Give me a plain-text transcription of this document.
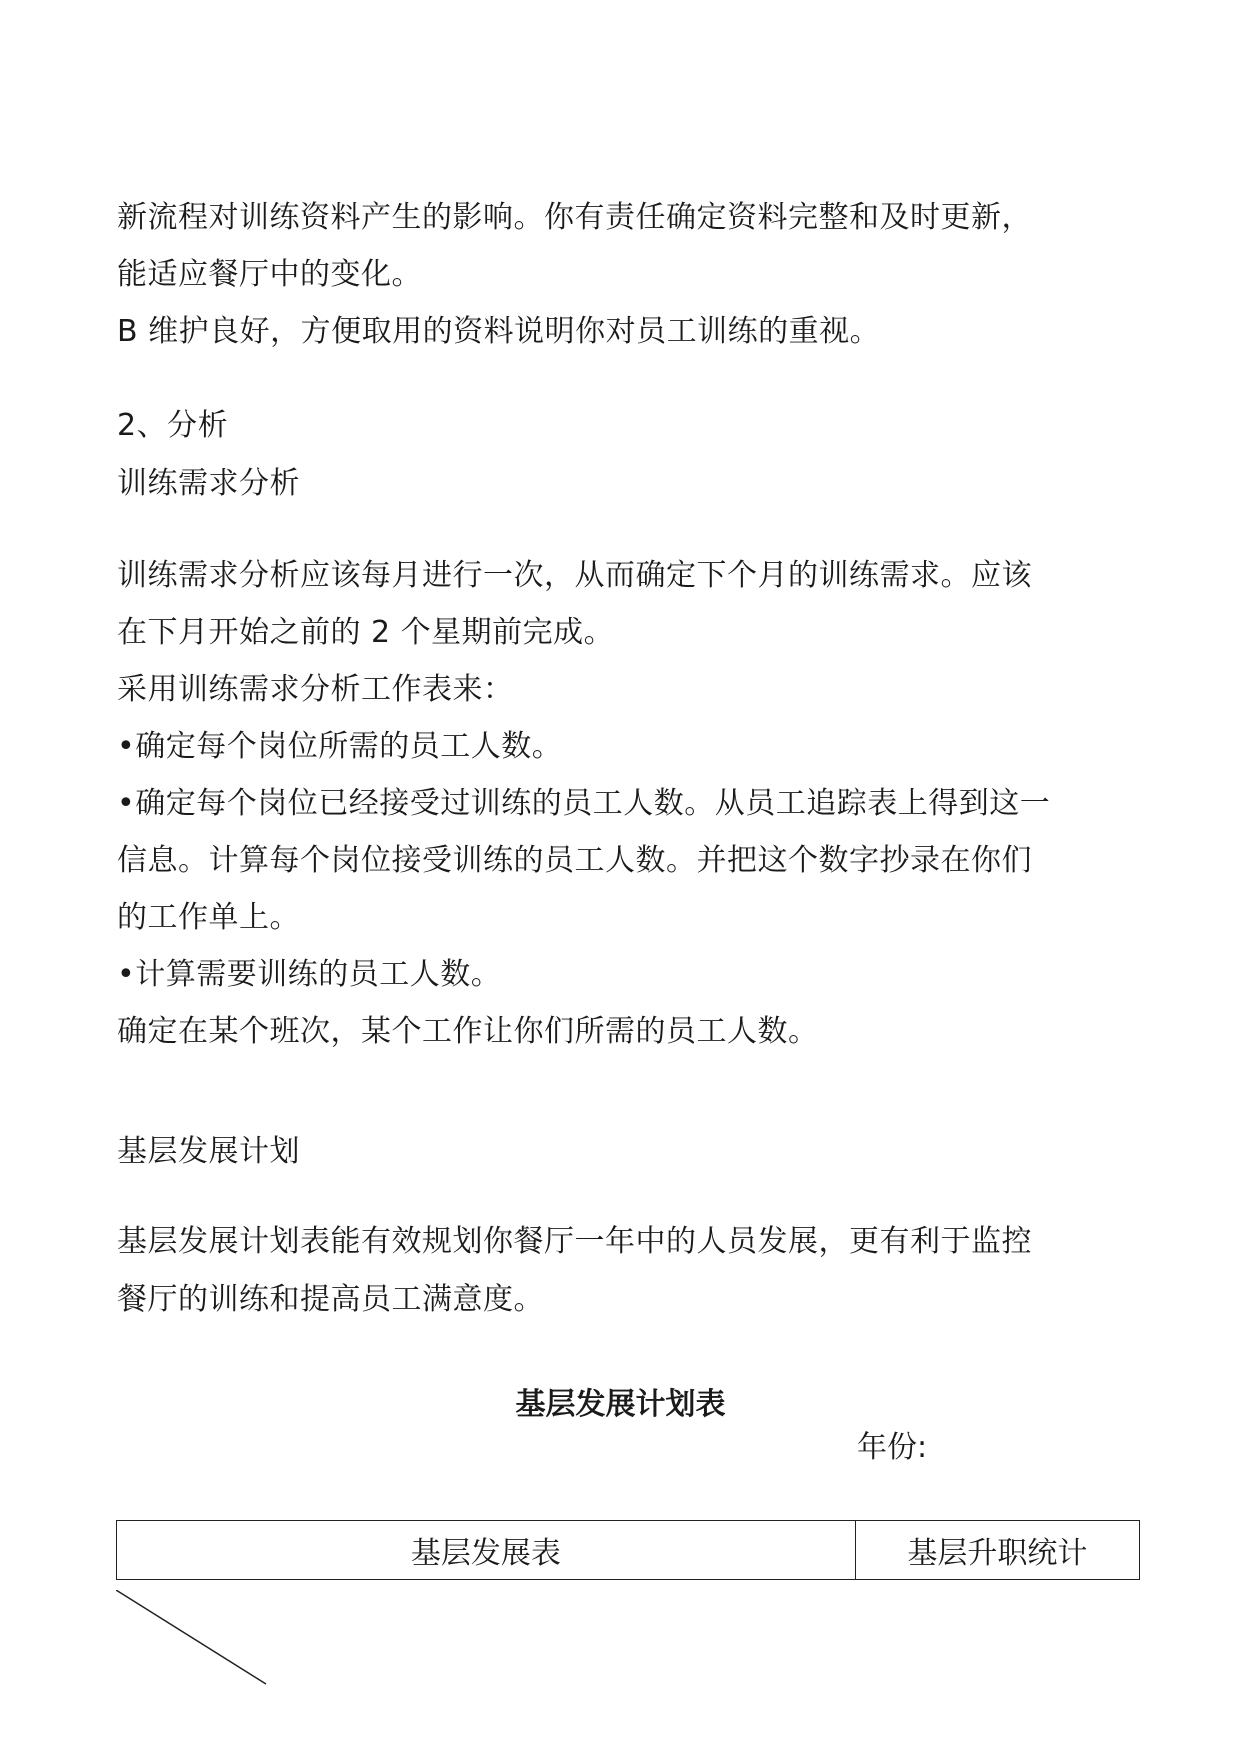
新流程对训练资料产生的影响。你有责任确定资料完整和及时更新，
能适应餐厅中的变化。
B 维护良好，方便取用的资料说明你对员工训练的重视。
2、分析
训练需求分析
训练需求分析应该每月进行一次，从而确定下个月的训练需求。应该
在下月开始之前的 2 个星期前完成。
采用训练需求分析工作表来：
•确定每个岗位所需的员工人数。
•确定每个岗位已经接受过训练的员工人数。从员工追踪表上得到这一
信息。计算每个岗位接受训练的员工人数。并把这个数字抄录在你们
的工作单上。
•计算需要训练的员工人数。
确定在某个班次，某个工作让你们所需的员工人数。
基层发展计划
基层发展计划表能有效规划你餐厅一年中的人员发展，更有利于监控
餐厅的训练和提高员工满意度。
基层发展计划表
年份:
基层发展表	基层升职统计
